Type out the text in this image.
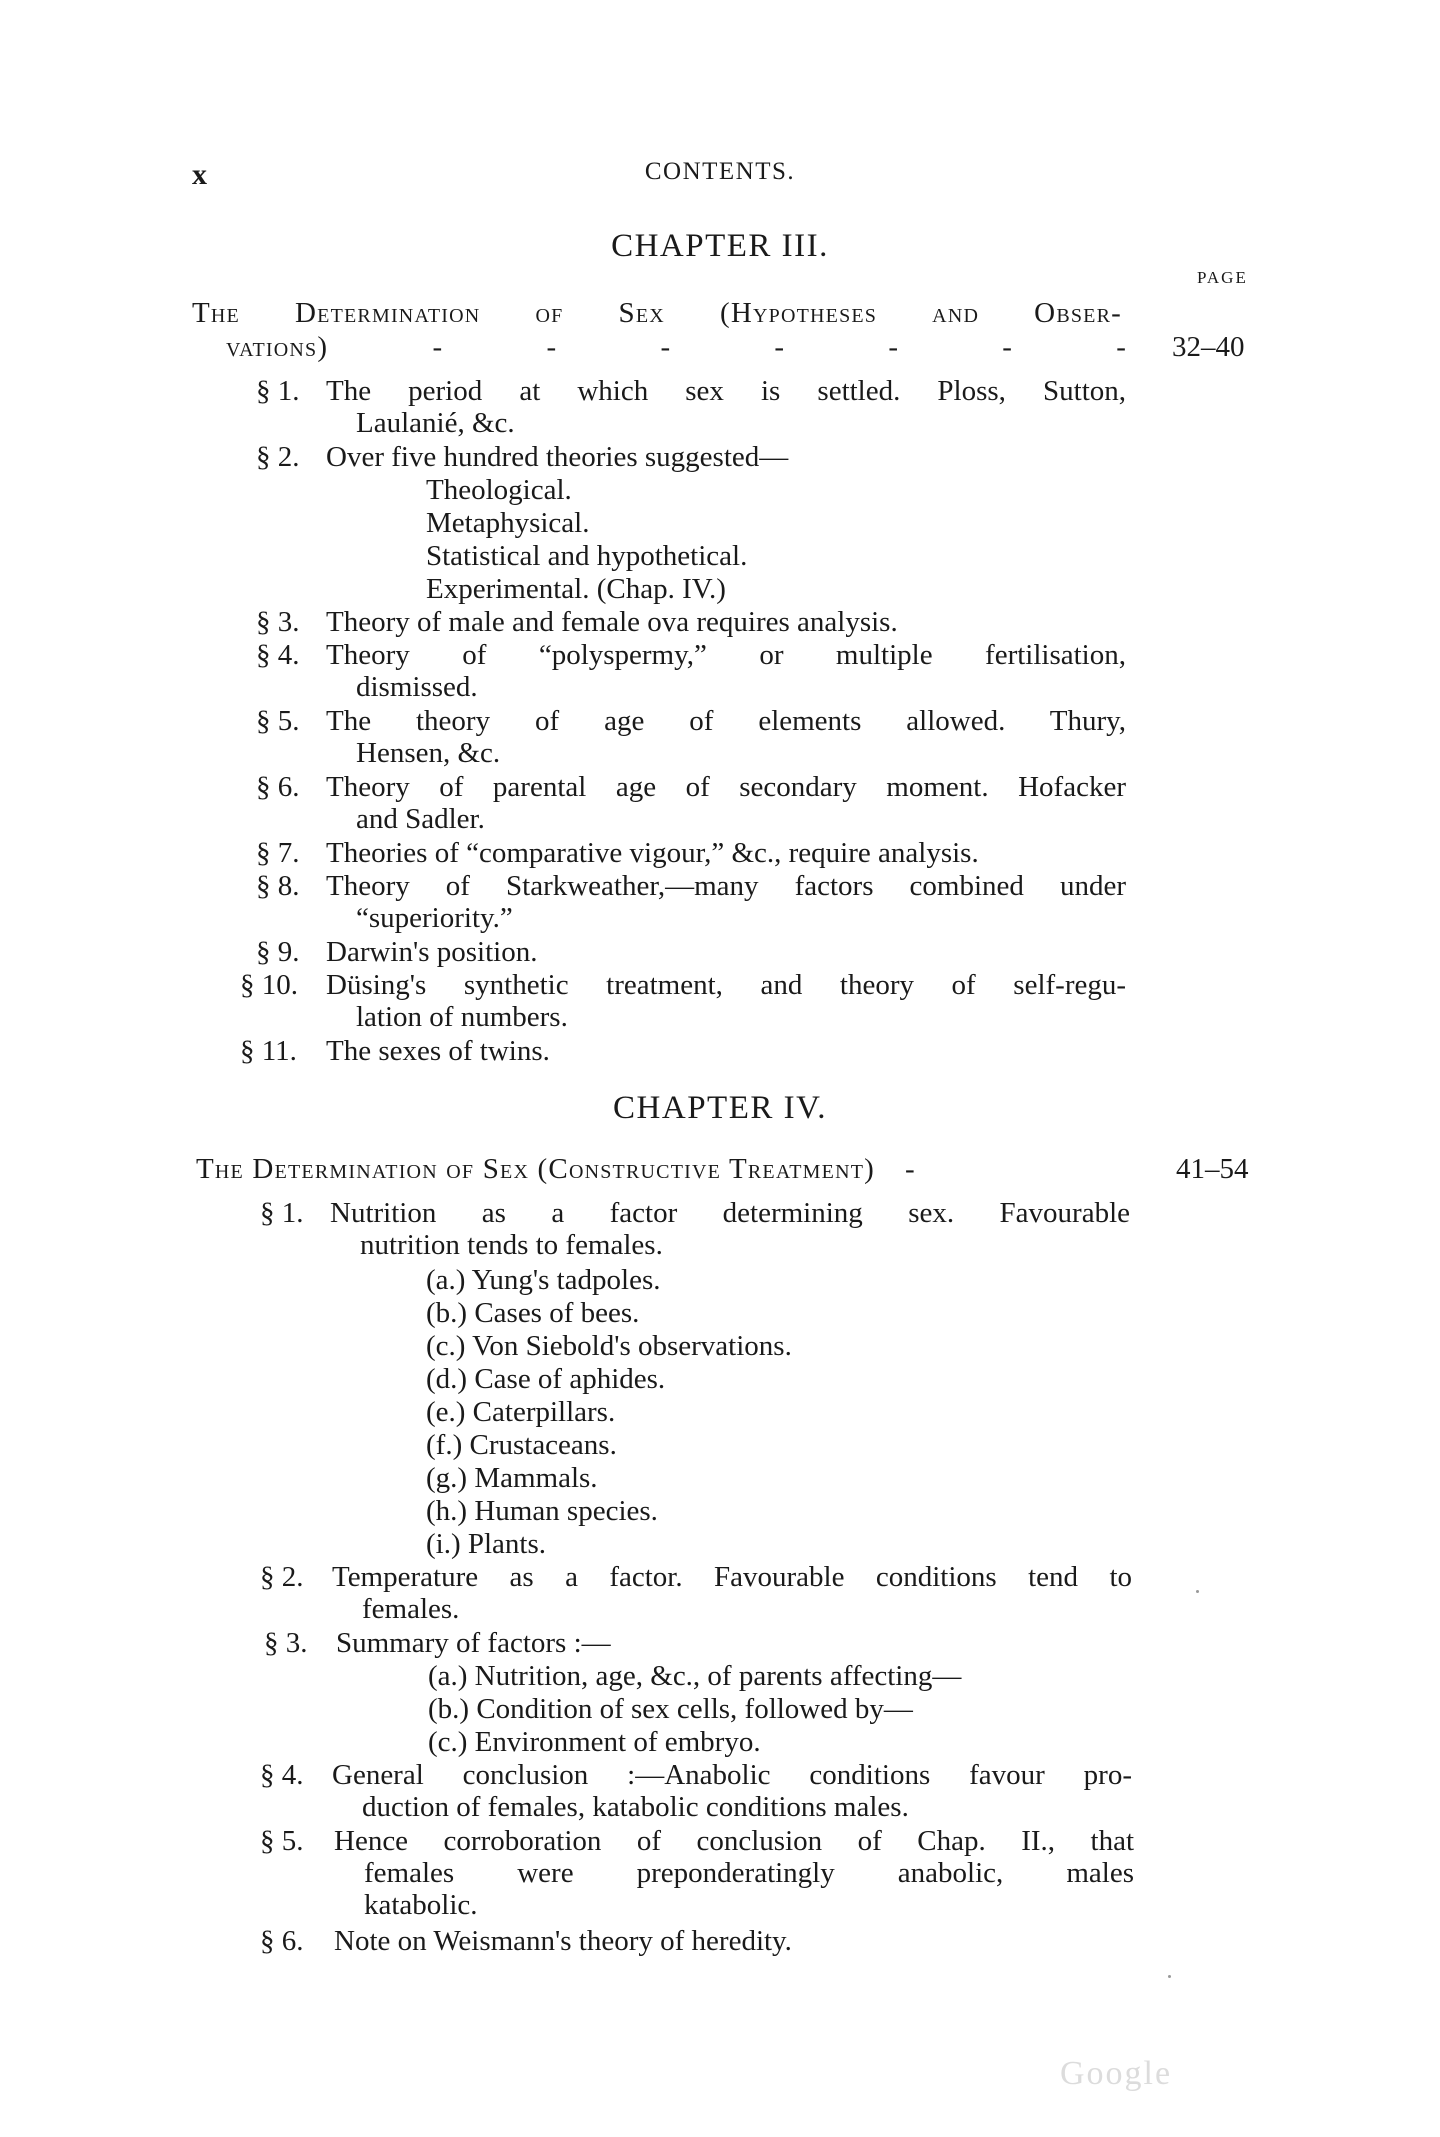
x	CONTENTS.
CHAPTER III.
PAGE
The Determination of Sex (Hypotheses and Obser-
vations)	-	-	-	-	-	-	- 32–40
§ 1. The period at which sex is settled. Ploss, Sutton,
Laulanié, &c.
§ 2. Over five hundred theories suggested—
Theological.
Metaphysical.
Statistical and hypothetical.
Experimental. (Chap. IV.)
§ 3. Theory of male and female ova requires analysis.
§ 4. Theory of “polyspermy,” or multiple fertilisation,
dismissed.
§ 5. The theory of age of elements allowed. Thury,
Hensen, &c.
§ 6. Theory of parental age of secondary moment. Hofacker
and Sadler.
§ 7. Theories of “comparative vigour,” &c., require analysis.
§ 8. Theory of Starkweather,—many factors combined under
“superiority.”
§ 9. Darwin's position.
§ 10. Düsing's synthetic treatment, and theory of self-regu-
lation of numbers.
§ 11. The sexes of twins.
CHAPTER IV.
The Determination of Sex (Constructive Treatment) -	41–54
§ 1. Nutrition as a factor determining sex. Favourable
nutrition tends to females.
(a.) Yung's tadpoles.
(b.) Cases of bees.
(c.) Von Siebold's observations.
(d.) Case of aphides.
(e.) Caterpillars.
(f.) Crustaceans.
(g.) Mammals.
(h.) Human species.
(i.) Plants.
§ 2. Temperature as a factor. Favourable conditions tend to
females.
§ 3. Summary of factors :—
(a.) Nutrition, age, &c., of parents affecting—
(b.) Condition of sex cells, followed by—
(c.) Environment of embryo.
§ 4. General conclusion :—Anabolic conditions favour pro-
duction of females, katabolic conditions males.
§ 5. Hence corroboration of conclusion of Chap. II., that
females were preponderatingly anabolic, males
katabolic.
§ 6. Note on Weismann's theory of heredity.
Google
